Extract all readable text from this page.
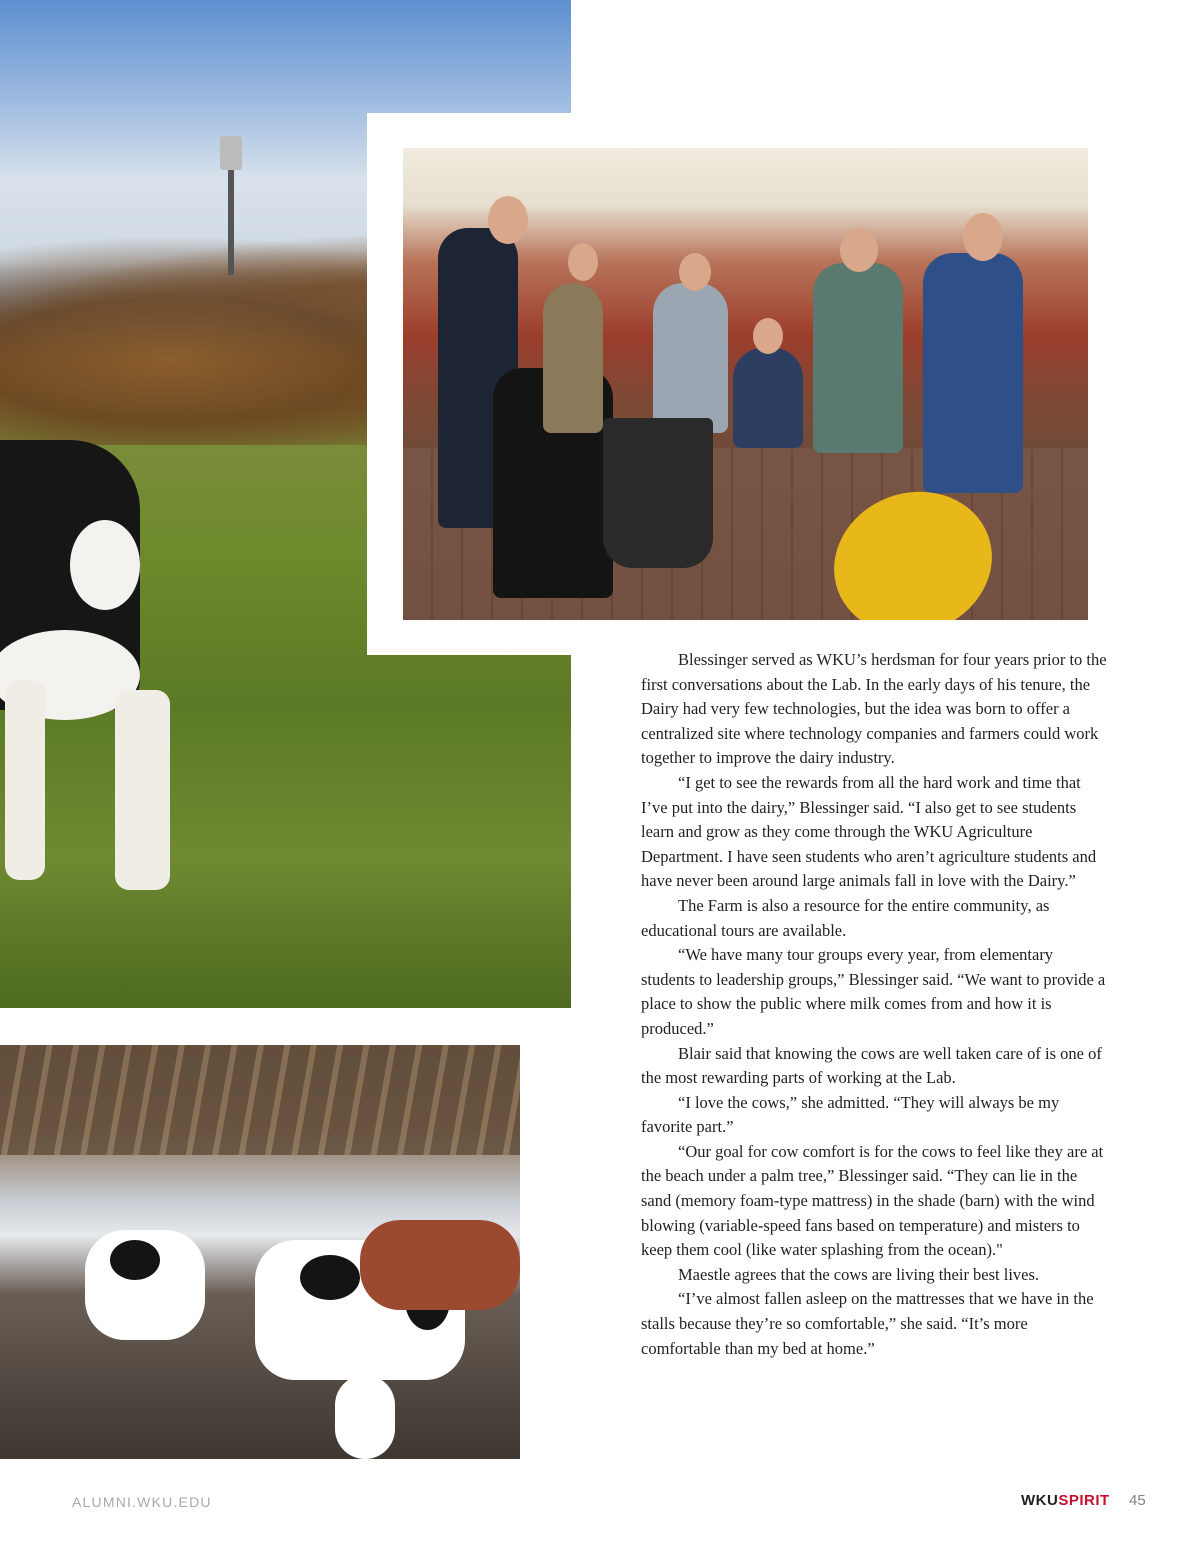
Blessinger served as WKU’s herdsman for four years prior to the first conversations about the Lab. In the early days of his tenure, the Dairy had very few technologies, but the idea was born to offer a centralized site where technology companies and farmers could work together to improve the dairy industry.

“I get to see the rewards from all the hard work and time that I’ve put into the dairy,” Blessinger said. “I also get to see students learn and grow as they come through the WKU Agriculture Department. I have seen students who aren’t agriculture students and have never been around large animals fall in love with the Dairy.”

The Farm is also a resource for the entire community, as educational tours are available.

“We have many tour groups every year, from elementary students to leadership groups,” Blessinger said. “We want to provide a place to show the public where milk comes from and how it is produced.”

Blair said that knowing the cows are well taken care of is one of the most rewarding parts of working at the Lab.

“I love the cows,” she admitted. “They will always be my favorite part.”

“Our goal for cow comfort is for the cows to feel like they are at the beach under a palm tree,” Blessinger said. “They can lie in the sand (memory foam-type mattress) in the shade (barn) with the wind blowing (variable-speed fans based on temperature) and misters to keep them cool (like water splashing from the ocean)."

Maestle agrees that the cows are living their best lives.

“I’ve almost fallen asleep on the mattresses that we have in the stalls because they’re so comfortable,” she said. “It’s more comfortable than my bed at home.”

ALUMNI.WKU.EDU	WKUSPIRIT 45
